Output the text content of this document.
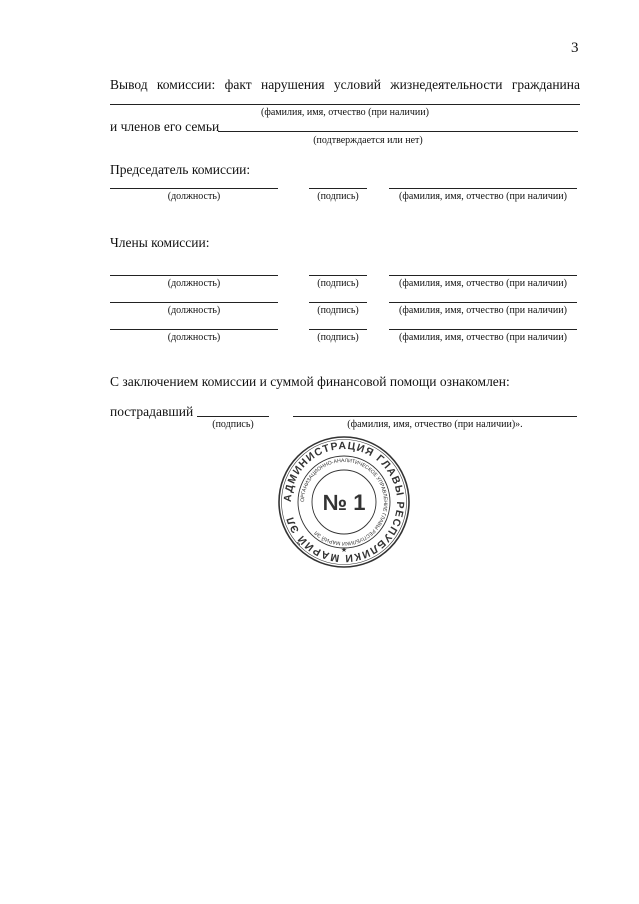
3
Вывод комиссии: факт нарушения условий жизнедеятельности гражданина
(фамилия, имя, отчество (при наличии)
и членов его семьи
(подтверждается или нет)
Председатель комиссии:
(должность)	(подпись)	(фамилия, имя, отчество (при наличии)
Члены комиссии:
(должность)	(подпись)	(фамилия, имя, отчество (при наличии)
(должность)	(подпись)	(фамилия, имя, отчество (при наличии)
(должность)	(подпись)	(фамилия, имя, отчество (при наличии)
С заключением комиссии и суммой финансовой помощи ознакомлен:
пострадавший
(подпись)	(фамилия, имя, отчество (при наличии)».
АДМИНИСТРАЦИЯ ГЛАВЫ РЕСПУБЛИКИ МАРИЙ ЭЛ
ОРГАНИЗАЦИОННО-АНАЛИТИЧЕСКОЕ УПРАВЛЕНИЕ ГЛАВЫ РЕСПУБЛИКИ МАРИЙ ЭЛ
№ 1
★
